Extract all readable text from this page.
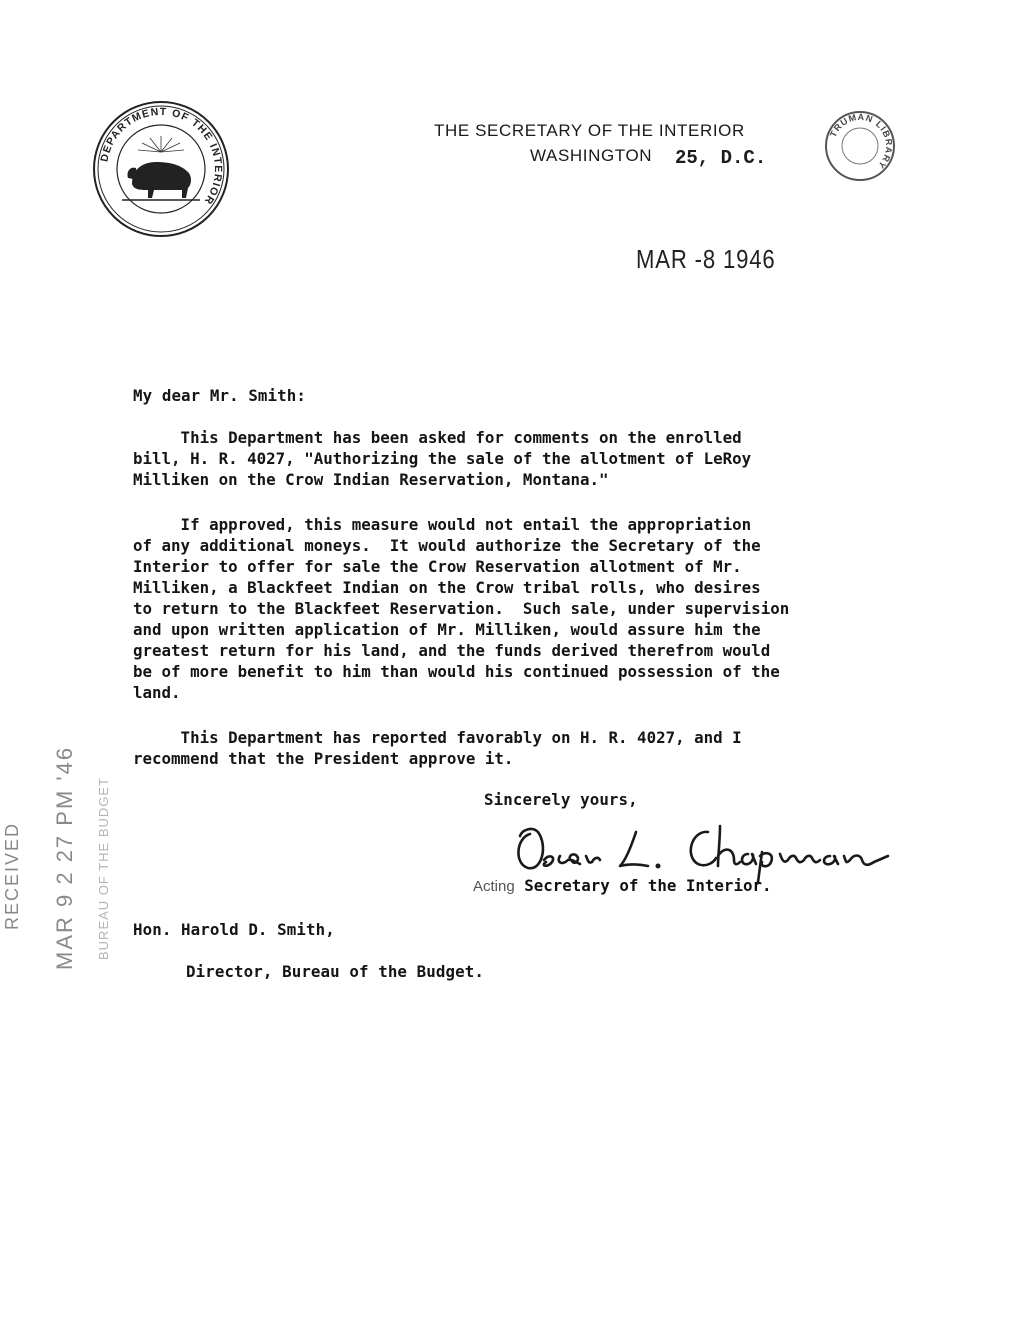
DEPARTMENT OF THE INTERIOR
THE SECRETARY OF THE INTERIOR
WASHINGTON 25, D.C.
TRUMAN LIBRARY
MAR -8 1946
RECEIVED MAR 9 2 27 PM '46 BUREAU OF THE BUDGET
My dear Mr. Smith:
This Department has been asked for comments on the enrolled
bill, H. R. 4027, "Authorizing the sale of the allotment of LeRoy
Milliken on the Crow Indian Reservation, Montana."
If approved, this measure would not entail the appropriation
of any additional moneys.  It would authorize the Secretary of the
Interior to offer for sale the Crow Reservation allotment of Mr.
Milliken, a Blackfeet Indian on the Crow tribal rolls, who desires
to return to the Blackfeet Reservation.  Such sale, under supervision
and upon written application of Mr. Milliken, would assure him the
greatest return for his land, and the funds derived therefrom would
be of more benefit to him than would his continued possession of the
land.
This Department has reported favorably on H. R. 4027, and I
recommend that the President approve it.
Sincerely yours,
Acting Secretary of the Interior.
Hon. Harold D. Smith,
Director, Bureau of the Budget.
